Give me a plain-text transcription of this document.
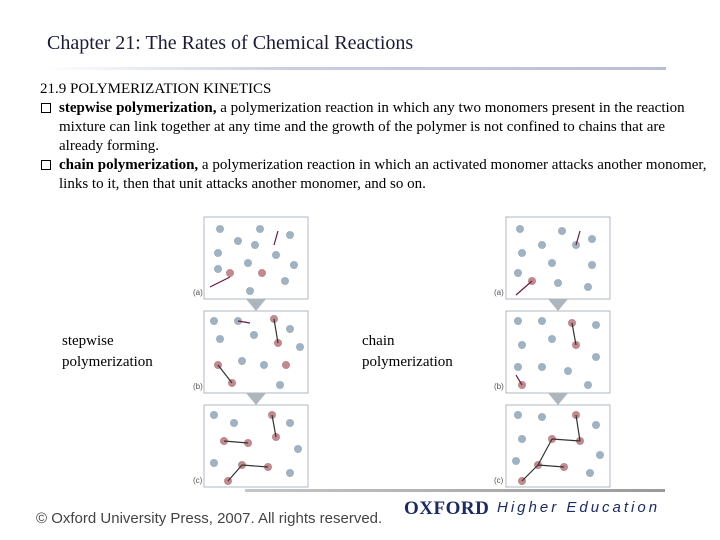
Chapter 21: The Rates of Chemical Reactions

21.9 POLYMERIZATION KINETICS

stepwise polymerization, a polymerization reaction in which any two monomers present in the reaction mixture can link together at any time and the growth of the polymer is not confined to chains that are already forming.
chain polymerization, a polymerization reaction in which an activated monomer attacks another monomer, links to it, then that unit attacks another monomer, and so on.
(a)
(b)
(c)
(a)
(b)
(c)
stepwise polymerization
chain polymerization
© Oxford University Press, 2007. All rights reserved. OXFORD Higher Education
